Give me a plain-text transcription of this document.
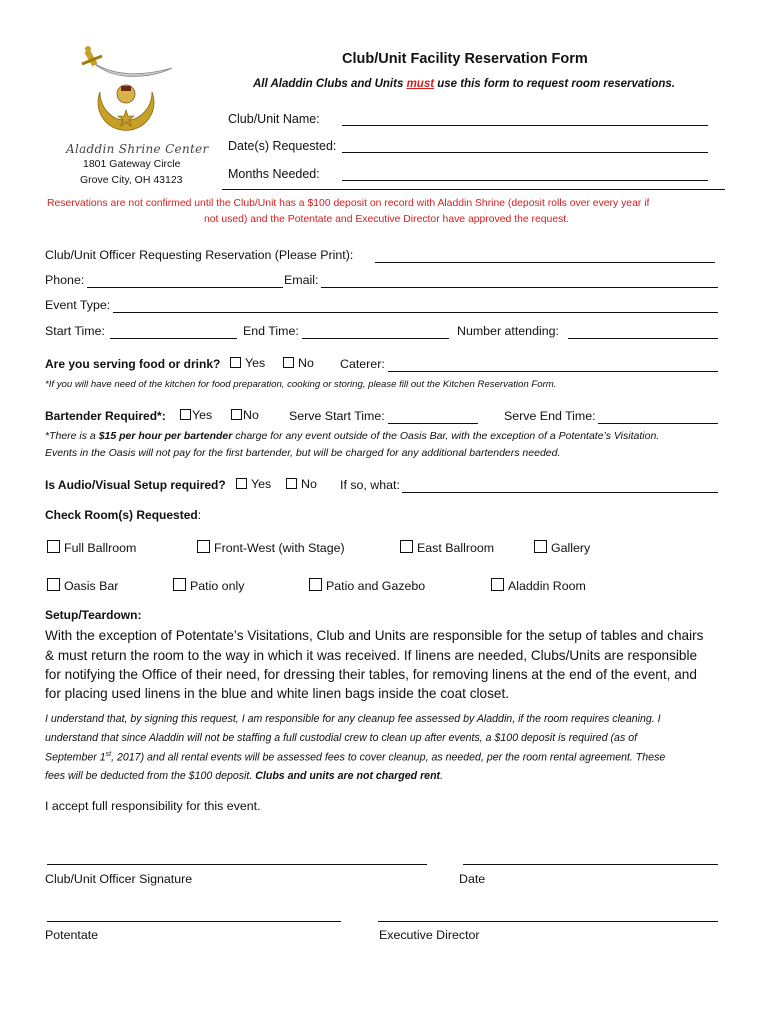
Aladdin Shrine Center
1801 Gateway Circle
Grove City, OH 43123
Club/Unit Facility Reservation Form
All Aladdin Clubs and Units must use this form to request room reservations.
Club/Unit Name:
Date(s) Requested:
Months Needed:
Reservations are not confirmed until the Club/Unit has a $100 deposit on record with Aladdin Shrine (deposit rolls over every year if
not used) and the Potentate and Executive Director have approved the request.
Club/Unit Officer Requesting Reservation (Please Print):
Phone:	Email:
Event Type:
Start Time:	End Time:	Number attending:
Are you serving food or drink?	Yes	No Caterer:
*If you will have need of the kitchen for food preparation, cooking or storing, please fill out the Kitchen Reservation Form.
Bartender Required*:	Yes	No Serve Start Time:	Serve End Time:
*There is a $15 per hour per bartender charge for any event outside of the Oasis Bar, with the exception of a Potentate’s Visitation.
Events in the Oasis will not pay for the first bartender, but will be charged for any additional bartenders needed.
Is Audio/Visual Setup required?	Yes	No If so, what:
Check Room(s) Requested:
Full Ballroom	Front-West (with Stage)	East Ballroom	Gallery
Oasis Bar	Patio only	Patio and Gazebo	Aladdin Room
Setup/Teardown:
With the exception of Potentate’s Visitations, Club and Units are responsible for the setup of tables and chairs
& must return the room to the way in which it was received. If linens are needed, Clubs/Units are responsible
for notifying the Office of their need, for dressing their tables, for removing linens at the end of the event, and
for placing used linens in the blue and white linen bags inside the coat closet.
I understand that, by signing this request, I am responsible for any cleanup fee assessed by Aladdin, if the room requires cleaning. I
understand that since Aladdin will not be staffing a full custodial crew to clean up after events, a $100 deposit is required (as of
September 1st, 2017) and all rental events will be assessed fees to cover cleanup, as needed, per the room rental agreement. These
fees will be deducted from the $100 deposit. Clubs and units are not charged rent.
I accept full responsibility for this event.
Club/Unit Officer Signature	Date
Potentate	Executive Director
